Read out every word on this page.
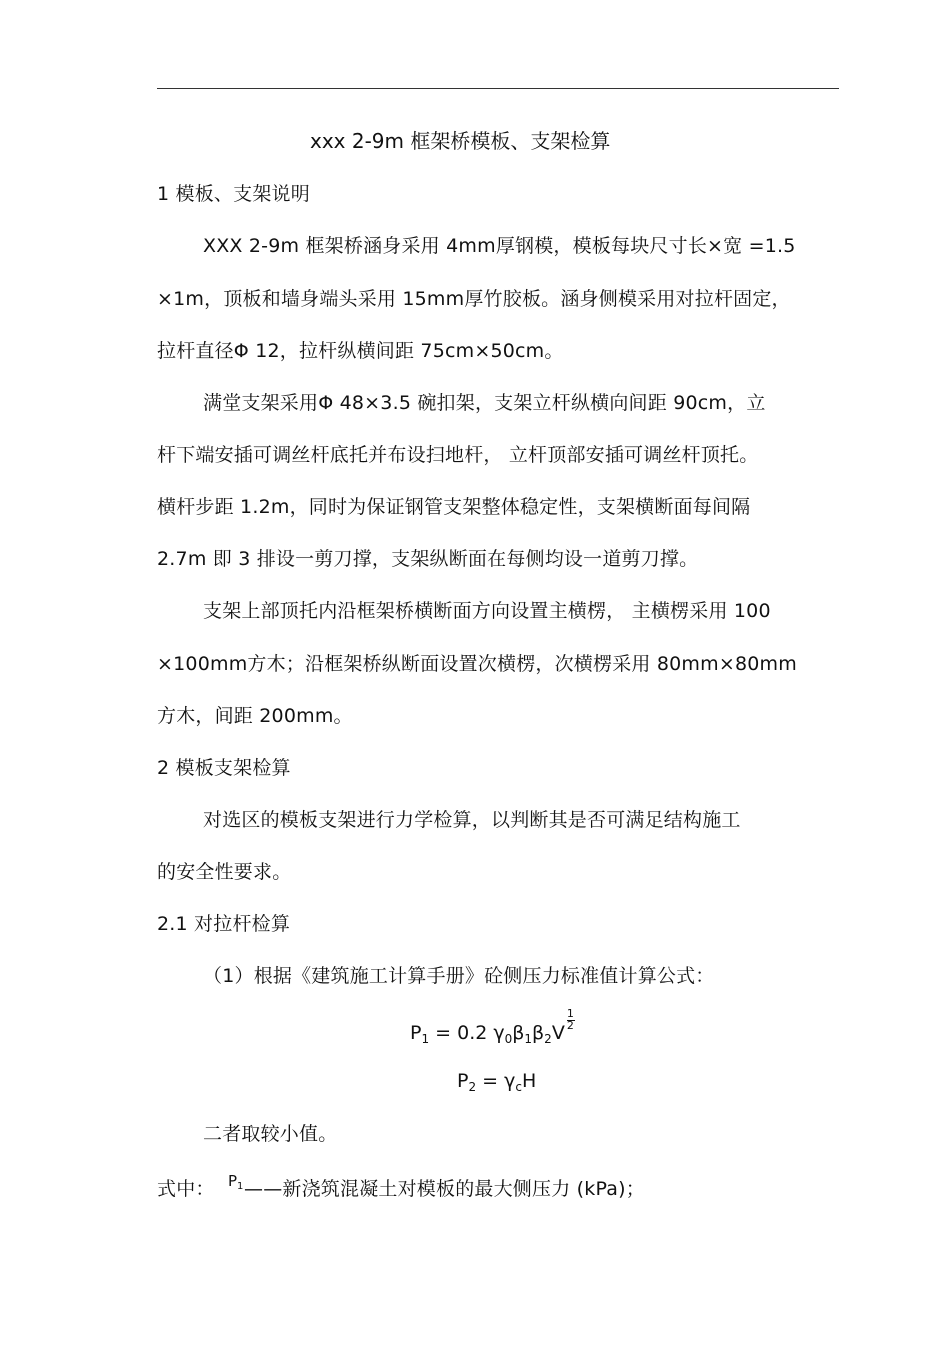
xxx 2-9m 框架桥模板、支架检算
1 模板、支架说明
XXX 2-9m 框架桥涵身采用 4mm厚钢模，模板每块尺寸长×宽 =1.5
×1m，顶板和墙身端头采用 15mm厚竹胶板。涵身侧模采用对拉杆固定，
拉杆直径Φ 12，拉杆纵横间距 75cm×50cm。
满堂支架采用Φ 48×3.5 碗扣架，支架立杆纵横向间距 90cm，立
杆下端安插可调丝杆底托并布设扫地杆， 立杆顶部安插可调丝杆顶托。
横杆步距 1.2m，同时为保证钢管支架整体稳定性，支架横断面每间隔
2.7m 即 3 排设一剪刀撑，支架纵断面在每侧均设一道剪刀撑。
支架上部顶托内沿框架桥横断面方向设置主横楞， 主横楞采用 100
×100mm方木；沿框架桥纵断面设置次横楞，次横楞采用 80mm×80mm
方木，间距 200mm。
2 模板支架检算
对选区的模板支架进行力学检算，以判断其是否可满足结构施工
的安全性要求。
2.1 对拉杆检算
（1）根据《建筑施工计算手册》砼侧压力标准值计算公式：
$P_1 = 0.2$ $\gamma_0\beta_1\beta_2V \frac{1}{2}$
$P_2 = \gamma_cH$
二者取较小值。
式中： $P_1$ ——新浇筑混凝土对模板的最大侧压力 (kPa)；
